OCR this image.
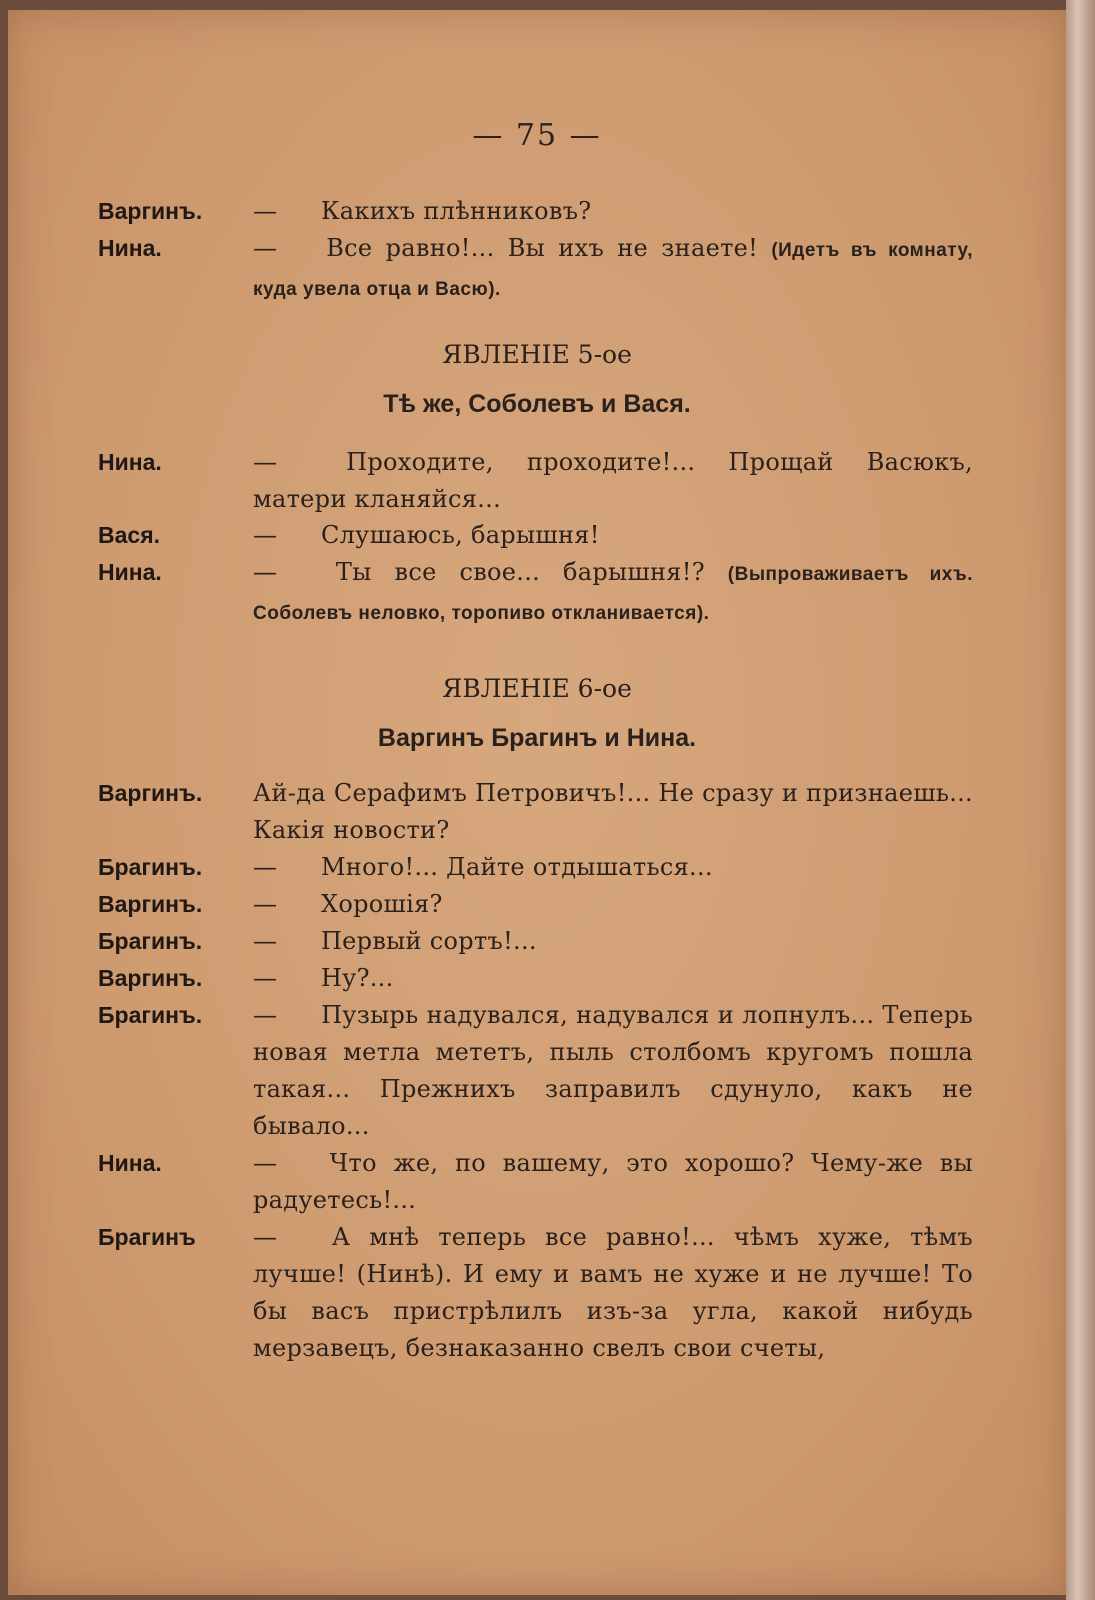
— 75 —
Варгинъ. — Какихъ плѣнниковъ?
Нина.	— Все равно!... Вы ихъ не знаете! (Идетъ въ комнату, куда увела отца и Васю).
ЯВЛЕНІЕ 5-ое
Тѣ же, Соболевъ и Вася.
Нина.	—	Проходите, проходите!... Прощай Васюкъ, матери кланяйся...
Вася.	— Слушаюсь, барышня!
Нина.	— Ты все свое... барышня!? (Выпроваживаетъ ихъ. Соболевъ неловко, торопиво откланивается).
ЯВЛЕНІЕ 6-ое
Варгинъ Брагинъ и Нина.
Варгинъ. Ай-да Серафимъ Петровичъ!... Не сразу и признаешь... Какія новости?
Брагинъ. — Много!... Дайте отдышаться...
Варгинъ. — Хорошія?
Брагинъ. — Первый сортъ!...
Варгинъ. — Ну?...
Брагинъ. — Пузырь надувался, надувался и лопнулъ... Теперь новая метла мететъ, пыль столбомъ кругомъ пошла такая... Прежнихъ заправилъ сдунуло, какъ не бывало...
Нина.	— Что же, по вашему, это хорошо? Чему-же вы радуетесь!...
Брагинъ — А мнѣ теперь все равно!... чѣмъ хуже, тѣмъ лучше! (Нинѣ). И ему и вамъ не хуже и не лучше! То бы васъ пристрѣлилъ изъ-за угла, какой нибудь мерзавецъ, безнаказанно свелъ свои счеты,
